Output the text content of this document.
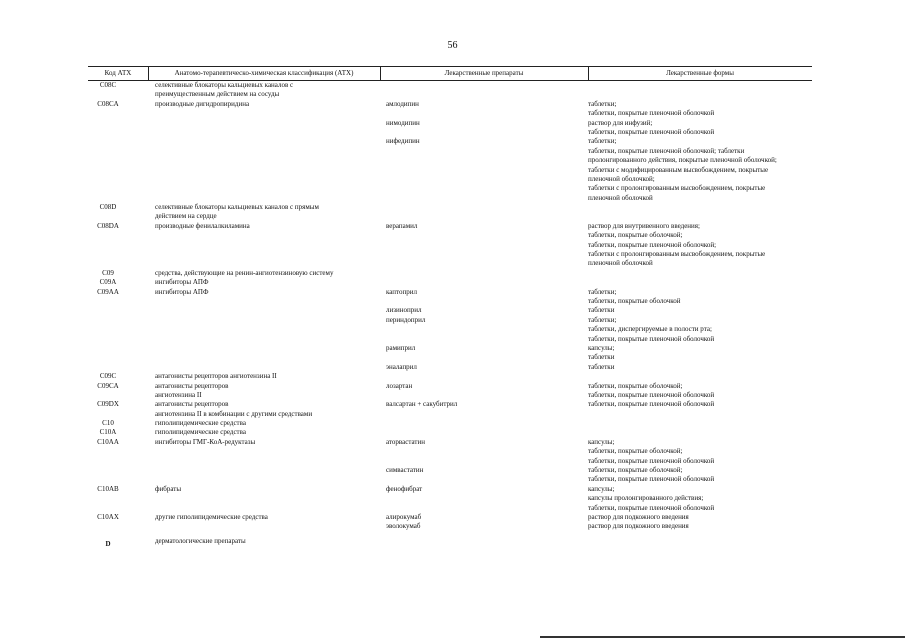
56
Код АТХ	Анатомо-терапевтическо-химическая классификация (АТХ)	Лекарственные препараты	Лекарственные формы
C08C	селективные блокаторы кальциевых каналов с
преимущественным действием на сосуды
C08CA	производные дигидропиридина	амлодипин	таблетки;
таблетки, покрытые пленочной оболочкой
нимодипин	раствор для инфузий;
таблетки, покрытые пленочной оболочкой
нифедипин	таблетки;
таблетки, покрытые пленочной оболочкой; таблетки
пролонгированного действия, покрытые пленочной оболочкой;
таблетки с модифицированным высвобождением, покрытые
пленочной оболочкой;
таблетки с пролонгированным высвобождением, покрытые
пленочной оболочкой
C08D	селективные блокаторы кальциевых каналов с прямым
действием на сердце
C08DA	производные фенилалкиламина	верапамил	раствор для внутривенного введения;
таблетки, покрытые оболочкой;
таблетки, покрытые пленочной оболочкой;
таблетки с пролонгированным высвобождением, покрытые
пленочной оболочкой
C09	средства, действующие на ренин-ангиотензиновую систему
C09A	ингибиторы АПФ
C09AA	ингибиторы АПФ	каптоприл	таблетки;
таблетки, покрытые оболочкой
лизиноприл	таблетки
периндоприл	таблетки;
таблетки, диспергируемые в полости рта;
таблетки, покрытые пленочной оболочкой
рамиприл	капсулы;
таблетки
эналаприл	таблетки
C09C	антагонисты рецепторов ангиотензина II
C09CA	антагонисты рецепторов	лозартан	таблетки, покрытые оболочкой;
ангиотензина II	таблетки, покрытые пленочной оболочкой
C09DX	антагонисты рецепторов	валсартан + сакубитрил	таблетки, покрытые пленочной оболочкой
ангиотензина II в комбинации с другими средствами
C10	гиполипидемические средства
C10A	гиполипидемические средства
C10AA	ингибиторы ГМГ-КоА-редуктазы	аторвастатин	капсулы;
таблетки, покрытые оболочкой;
таблетки, покрытые пленочной оболочкой
симвастатин	таблетки, покрытые оболочкой;
таблетки, покрытые пленочной оболочкой
C10AB	фибраты	фенофибрат	капсулы;
капсулы пролонгированного действия;
таблетки, покрытые пленочной оболочкой
C10AX	другие гиполипидемические средства	алирокумаб	раствор для подкожного введения
эволокумаб	раствор для подкожного введения
D	дерматологические препараты
